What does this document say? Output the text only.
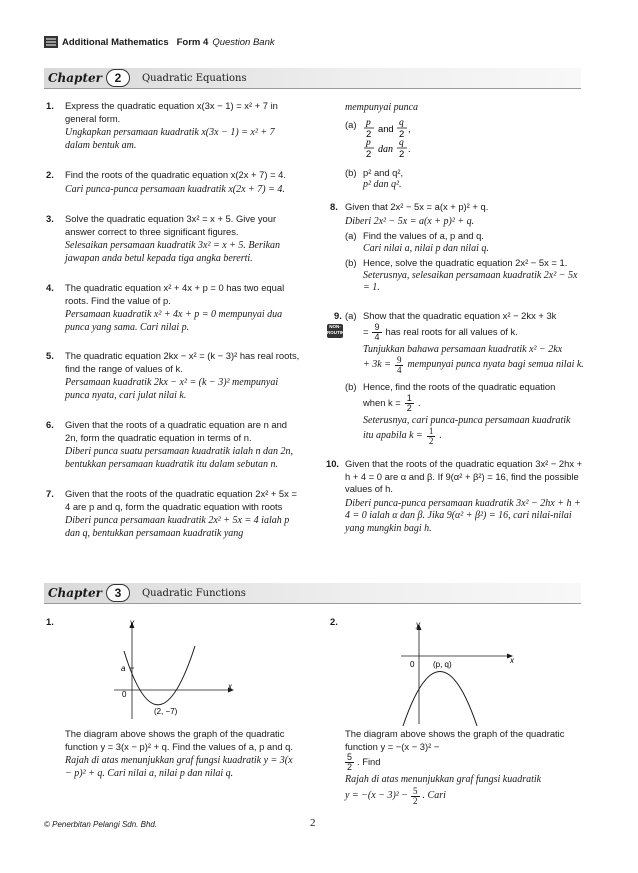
Additional Mathematics Form 4 Question Bank
Chapter	2	Quadratic Equations
1. Express the quadratic equation x(3x − 1) = x² + 7 in general form.
Ungkapkan persamaan kuadratik x(3x − 1) = x² + 7 dalam bentuk am.
2. Find the roots of the quadratic equation x(2x + 7) = 4.
Cari punca-punca persamaan kuadratik x(2x + 7) = 4.
3. Solve the quadratic equation 3x² = x + 5. Give your answer correct to three significant figures.
Selesaikan persamaan kuadratik 3x² = x + 5. Berikan jawapan anda betul kepada tiga angka bererti.
4. The quadratic equation x² + 4x + p = 0 has two equal roots. Find the value of p.
Persamaan kuadratik x² + 4x + p = 0 mempunyai dua punca yang sama. Cari nilai p.
5. The quadratic equation 2kx − x² = (k − 3)² has real roots, find the range of values of k.
Persamaan kuadratik 2kx − x² = (k − 3)² mempunyai punca nyata, cari julat nilai k.
6. Given that the roots of a quadratic equation are n and 2n, form the quadratic equation in terms of n.
Diberi punca suatu persamaan kuadratik ialah n dan 2n, bentukkan persamaan kuadratik itu dalam sebutan n.
7. Given that the roots of the quadratic equation 2x² + 5x = 4 are p and q, form the quadratic equation with roots
Diberi punca persamaan kuadratik 2x² + 5x = 4 ialah p dan q, bentukkan persamaan kuadratik yang
mempunyai punca
(a) p
2
and q
2 ,
p
2 dan
q
2 .
(b) p² and q²,
p² dan q².
8. Given that 2x² − 5x = a(x + p)² + q.
Diberi 2x² − 5x = a(x + p)² + q.
(a) Find the values of a, p and q.
Cari nilai a, nilai p dan nilai q.
(b) Hence, solve the quadratic equation 2x² − 5x = 1.
Seterusnya, selesaikan persamaan kuadratik 2x² − 5x = 1.
9.
NON-ROUTINE
(a) Show that the quadratic equation x² − 2kx + 3k
= $\frac{9}{4}$ has real roots for all values of k.
Tunjukkan bahawa persamaan kuadratik x² − 2kx
+ $3k = \frac{9}{4}$ mempunyai punca nyata bagi semua nilai k.
(b) Hence, find the roots of the quadratic equation
when $k = \frac{1}{2}$ .
Seterusnya, cari punca-punca persamaan kuadratik
itu apabila $k = \frac{1}{2}$ .
10. Given that the roots of the quadratic equation 3x² − 2hx + h + 4 = 0 are α and β. If 9(α² + β²) = 16, find the possible values of h.
Diberi punca-punca persamaan kuadratik 3x² − 2hx + h + 4 = 0 ialah α dan β. Jika 9(α² + β²) = 16, cari nilai-nilai yang mungkin bagi h.
Chapter	3	Quadratic Functions
1.	y
x
a
0
(2, −7)
The diagram above shows the graph of the quadratic function y = 3(x − p)² + q. Find the values of a, p and q.
Rajah di atas menunjukkan graf fungsi kuadratik y = 3(x − p)² + q. Cari nilai a, nilai p dan nilai q.
2.	y
x
0 (p, q)
The diagram above shows the graph of the quadratic function y = −(x − 3)² −
$\frac{5}{2}$ . Find
Rajah di atas menunjukkan graf fungsi kuadratik
$y = -(x - 3)^2 - \frac{5}{2}$ . Cari
© Penerbitan Pelangi Sdn. Bhd.	2
